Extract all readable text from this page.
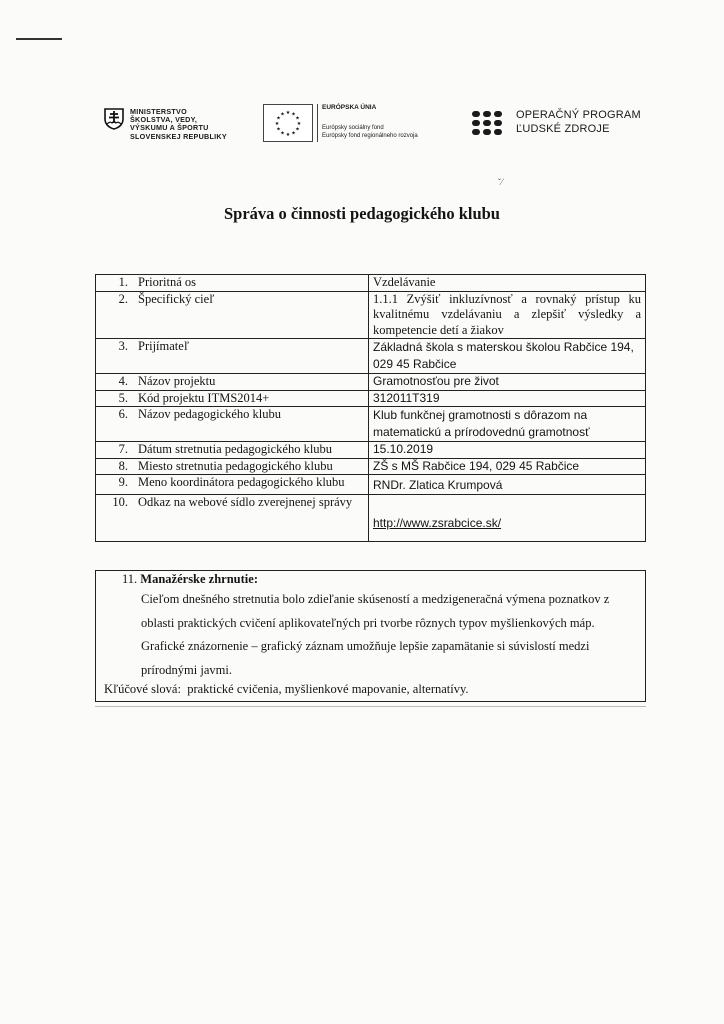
MINISTERSTVO
ŠKOLSTVA, VEDY,
VÝSKUMU A ŠPORTU
SLOVENSKEJ REPUBLIKY
★ ★
★
★
★
★
★
★
★
★
★
★
EURÓPSKA ÚNIA
Európsky sociálny fond
Európsky fond regionálneho rozvoja
OPERAČNÝ PROGRAM
ĽUDSKÉ ZDROJE
ˇ⁄
Správa o činnosti pedagogického klubu
1. Prioritná os	Vzdelávanie

2. Špecifický cieľ	1.1.1 Zvýšiť inkluzívnosť a rovnaký prístup ku kvalitnému vzdelávaniu a zlepšiť výsledky a kompetencie detí a žiakov

3. Prijímateľ	Základná škola s materskou školou Rabčice 194, 029 45 Rabčice

4. Názov projektu	Gramotnosťou pre život

5. Kód projektu ITMS2014+	312011T319

6. Názov pedagogického klubu	Klub funkčnej gramotnosti s dôrazom na matematickú a prírodovednú gramotnosť

7. Dátum stretnutia pedagogického klubu	15.10.2019

8. Miesto stretnutia pedagogického klubu	ZŠ s MŠ Rabčice 194, 029 45 Rabčice

9. Meno koordinátora pedagogického klubu	RNDr. Zlatica Krumpová

10. Odkaz na webové sídlo zverejnenej správy	http://www.zsrabcice.sk/
11. Manažérske zhrnutie:
Cieľom dnešného stretnutia bolo zdieľanie skúseností a medzigeneračná výmena poznatkov z oblasti praktických cvičení aplikovateľných pri tvorbe rôznych typov myšlienkových máp. Grafické znázornenie – grafický záznam umožňuje lepšie zapamätanie si súvislostí medzi prírodnými javmi.
Kľúčové slová: praktické cvičenia, myšlienkové mapovanie, alternatívy.
